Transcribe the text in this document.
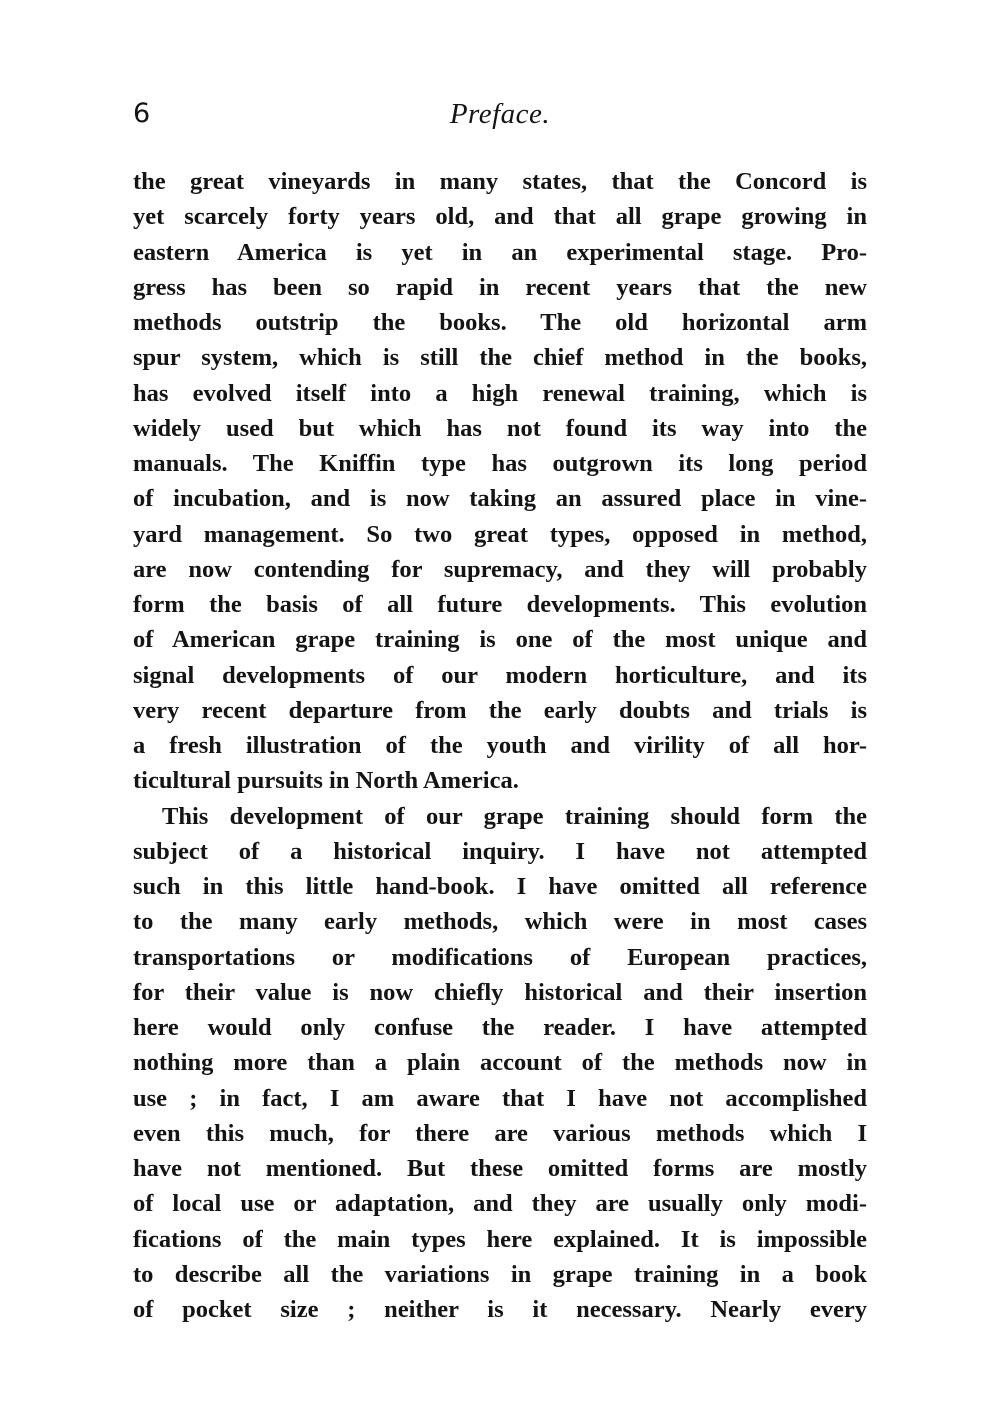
6	Preface.
the great vineyards in many states, that the Concord is
yet scarcely forty years old, and that all grape growing in
eastern America is yet in an experimental stage. Pro-
gress has been so rapid in recent years that the new
methods outstrip the books. The old horizontal arm
spur system, which is still the chief method in the books,
has evolved itself into a high renewal training, which is
widely used but which has not found its way into the
manuals. The Kniffin type has outgrown its long period
of incubation, and is now taking an assured place in vine-
yard management. So two great types, opposed in method,
are now contending for supremacy, and they will probably
form the basis of all future developments. This evolution
of American grape training is one of the most unique and
signal developments of our modern horticulture, and its
very recent departure from the early doubts and trials is
a fresh illustration of the youth and virility of all hor-
ticultural pursuits in North America.
This development of our grape training should form the
subject of a historical inquiry. I have not attempted
such in this little hand-book. I have omitted all reference
to the many early methods, which were in most cases
transportations or modifications of European practices,
for their value is now chiefly historical and their insertion
here would only confuse the reader. I have attempted
nothing more than a plain account of the methods now in
use ; in fact, I am aware that I have not accomplished
even this much, for there are various methods which I
have not mentioned. But these omitted forms are mostly
of local use or adaptation, and they are usually only modi-
fications of the main types here explained. It is impossible
to describe all the variations in grape training in a book
of pocket size ; neither is it necessary. Nearly every
